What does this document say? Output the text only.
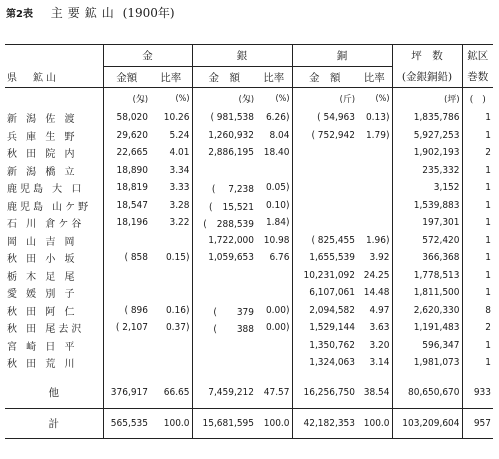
第2表 主要鉱山 (1900年)
	金		銀		銅		坪　数	鉱区
県　鉱山	金額	比率	金　額	比率	金　額	比率	(金銀銅鉛)	巻数
	(匁)	(%)	(匁)	(%)	(斤)	(%)	(坪)	(　)
新 潟 佐 渡	58,020	10.26	( 981,538	6.26)	( 54,963	0.13)	1,835,786	1
兵 庫 生 野	29,620	5.24	1,260,932	8.04	( 752,942	1.79)	5,927,253	1
秋 田 院 内	22,665	4.01	2,886,195	18.40			1,902,193	2
新 潟 橋 立	18,890	3.34					235,332	1
鹿児島 大 口	18,819	3.33	(　 7,238	0.05)			3,152	1
鹿児島 山ケ野	18,547	3.28	(　15,521	0.10)			1,539,883	1
石 川 倉ケ谷	18,196	3.22	(　288,539	1.84)			197,301	1
岡 山 吉 岡			1,722,000	10.98	( 825,455	1.96)	572,420	1
秋 田 小 坂	( 858	0.15)	1,059,653	6.76	1,655,539	3.92	366,368	1
栃 木 足 尾					10,231,092	24.25	1,778,513	1
愛 媛 別 子					6,107,061	14.48	1,811,500	1
秋 田 阿 仁	( 896	0.16)	(　　379	0.00)	2,094,582	4.97	2,620,330	8
秋 田 尾去沢	( 2,107	0.37)	(　　388	0.00)	1,529,144	3.63	1,191,483	2
宮 崎 日 平					1,350,762	3.20	596,347	1
秋 田 荒 川					1,324,063	3.14	1,981,073	1

他	376,917	66.65	7,459,212	47.57	16,256,750	38.54	80,650,670	933
計	565,535	100.0	15,681,595	100.0	42,182,353	100.0	103,209,604	957
